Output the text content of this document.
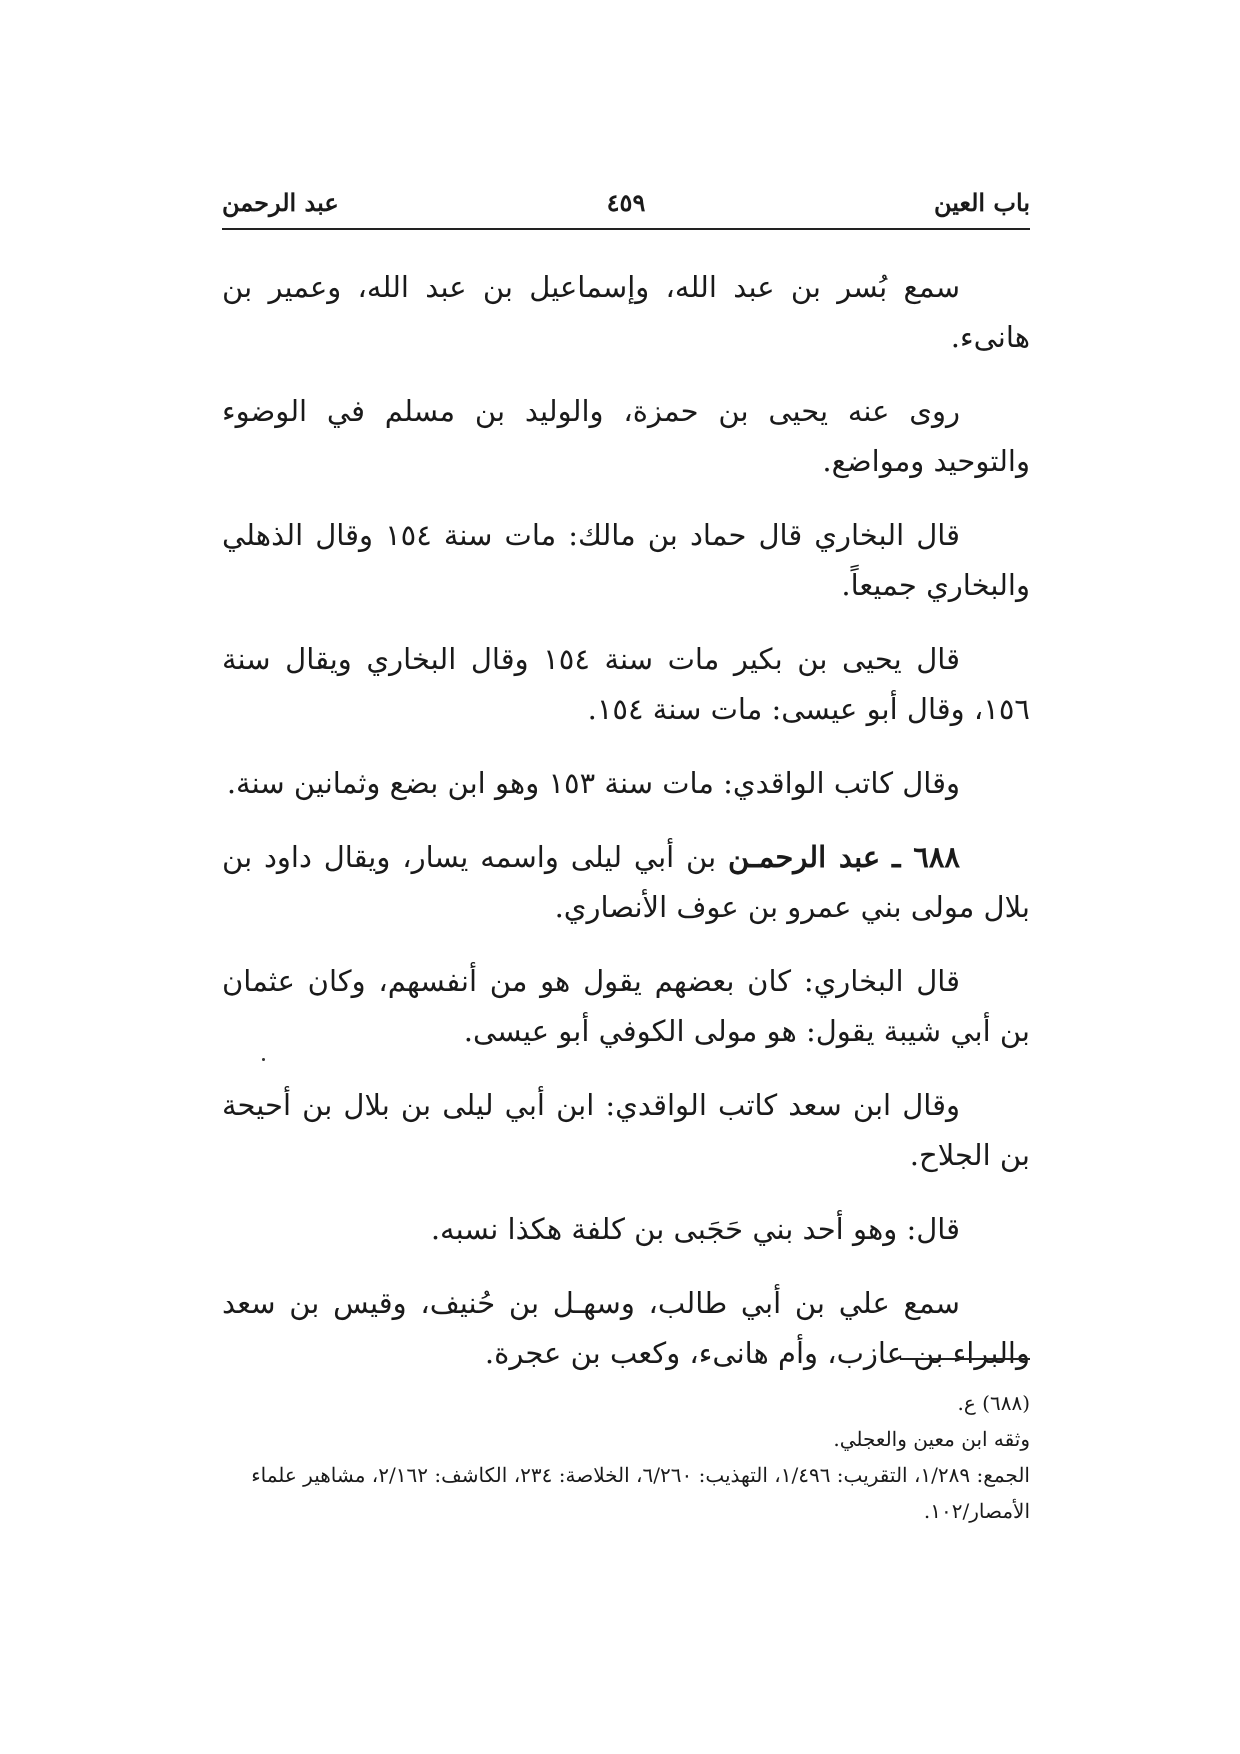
باب العين
٤٥٩
عبد الرحمن

سمع بُسر بن عبد الله، وإسماعيل بن عبد الله، وعمير بن هانىء.

روى عنه يحيى بن حمزة، والوليد بن مسلم في الوضوء والتوحيد ومواضع.

قال البخاري قال حماد بن مالك: مات سنة ١٥٤ وقال الذهلي والبخاري جميعاً.

قال يحيى بن بكير مات سنة ١٥٤ وقال البخاري ويقال سنة ١٥٦، وقال أبو عيسى: مات سنة ١٥٤.

وقال كاتب الواقدي: مات سنة ١٥٣ وهو ابن بضع وثمانين سنة.

٦٨٨ ـ عبد الرحمـن بن أبي ليلى واسمه يسار، ويقال داود بن بلال مولى بني عمرو بن عوف الأنصاري.

قال البخاري: كان بعضهم يقول هو من أنفسهم، وكان عثمان بن أبي شيبة يقول: هو مولى الكوفي أبو عيسى.

وقال ابن سعد كاتب الواقدي: ابن أبي ليلى بن بلال بن أحيحة بن الجلاح.

قال: وهو أحد بني حَجَبى بن كلفة هكذا نسبه.

سمع علي بن أبي طالب، وسهـل بن حُنيف، وقيس بن سعد والبراء بن عازب، وأم هانىء، وكعب بن عجرة.

(٦٨٨) ع.
وثقه ابن معين والعجلي.
الجمع: ١/٢٨٩، التقريب: ١/٤٩٦، التهذيب: ٦/٢٦٠، الخلاصة: ٢٣٤، الكاشف: ٢/١٦٢، مشاهير علماء الأمصار/١٠٢.
